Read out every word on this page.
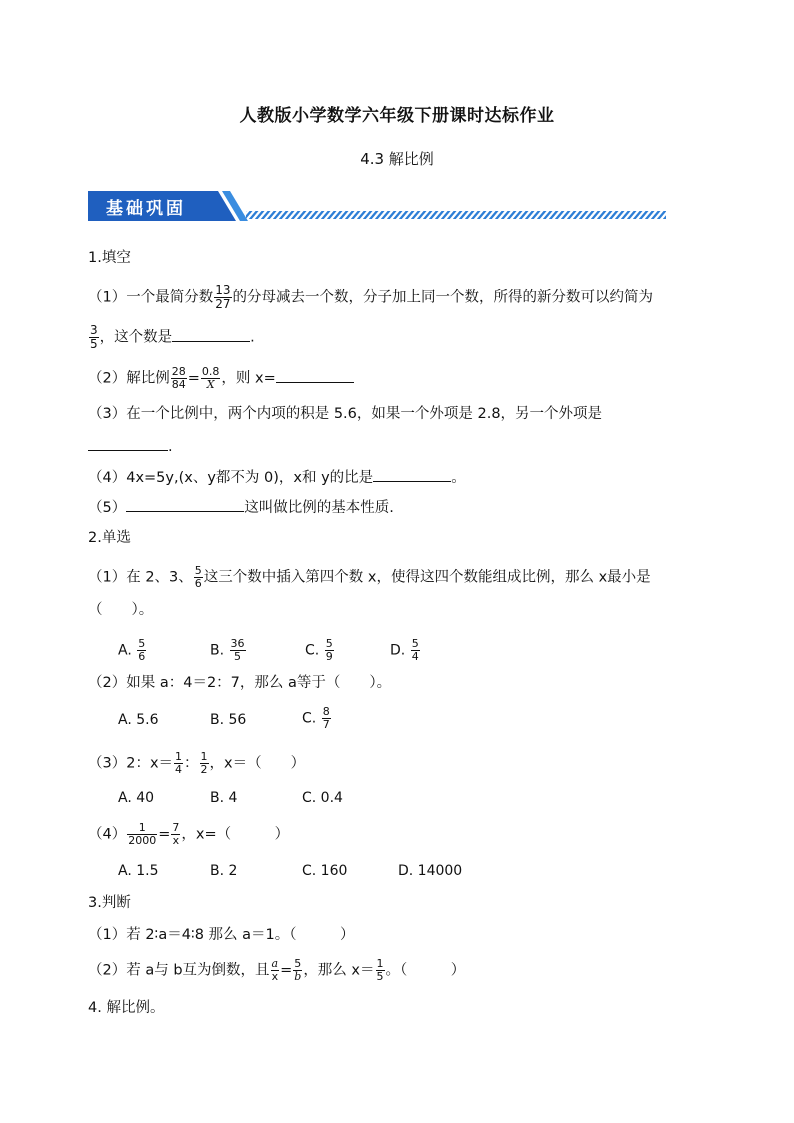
人教版小学数学六年级下册课时达标作业
4.3 解比例
基础巩固
1.填空
（1）一个最简分数 $\frac{13}{27}$ 的分母减去一个数，分子加上同一个数，所得的新分数可以约简为
$\frac{3}{5}$ ，这个数是	.
（2）解比例 $\frac{28}{84} = \frac{0.8}{X}$ ，则 x=
（3）在一个比例中，两个内项的积是 5.6，如果一个外项是 2.8，另一个外项是
.
（4）4x=5y,(x、y都不为 0)，x和 y的比是	。
（5）	这叫做比例的基本性质.
2.单选
（1）在 2、3、 $\frac{5}{6}$ 这三个数中插入第四个数 x，使得这四个数能组成比例，那么 x最小是
（　　）。
A. $\frac{5}{6}$	B. $\frac{36}{5}$	C. $\frac{5}{9}$	D. $\frac{5}{4}$
（2）如果 a：4＝2：7，那么 a等于（　　）。
A. 5.6	B. 56	C. $\frac{8}{7}$
（3）2：$x= \frac{1}{4}$ ： $\frac{1}{2}$ ，x＝（　　）
A. 40	B. 4	C. 0.4
$(4) \frac{1}{2000} = \frac{7}{x}$ ，x=（　　　）
A. 1.5	B. 2	C. 160	D. 14000
3.判断
（1）若 2∶a＝4∶8 那么 a＝1。（　　　）
（2）若 a与 b互为倒数，且 $\frac{a}{x} = \frac{5}{b}$ ，那么 $x= \frac{1}{5}$ 。（　　　）
4. 解比例。
